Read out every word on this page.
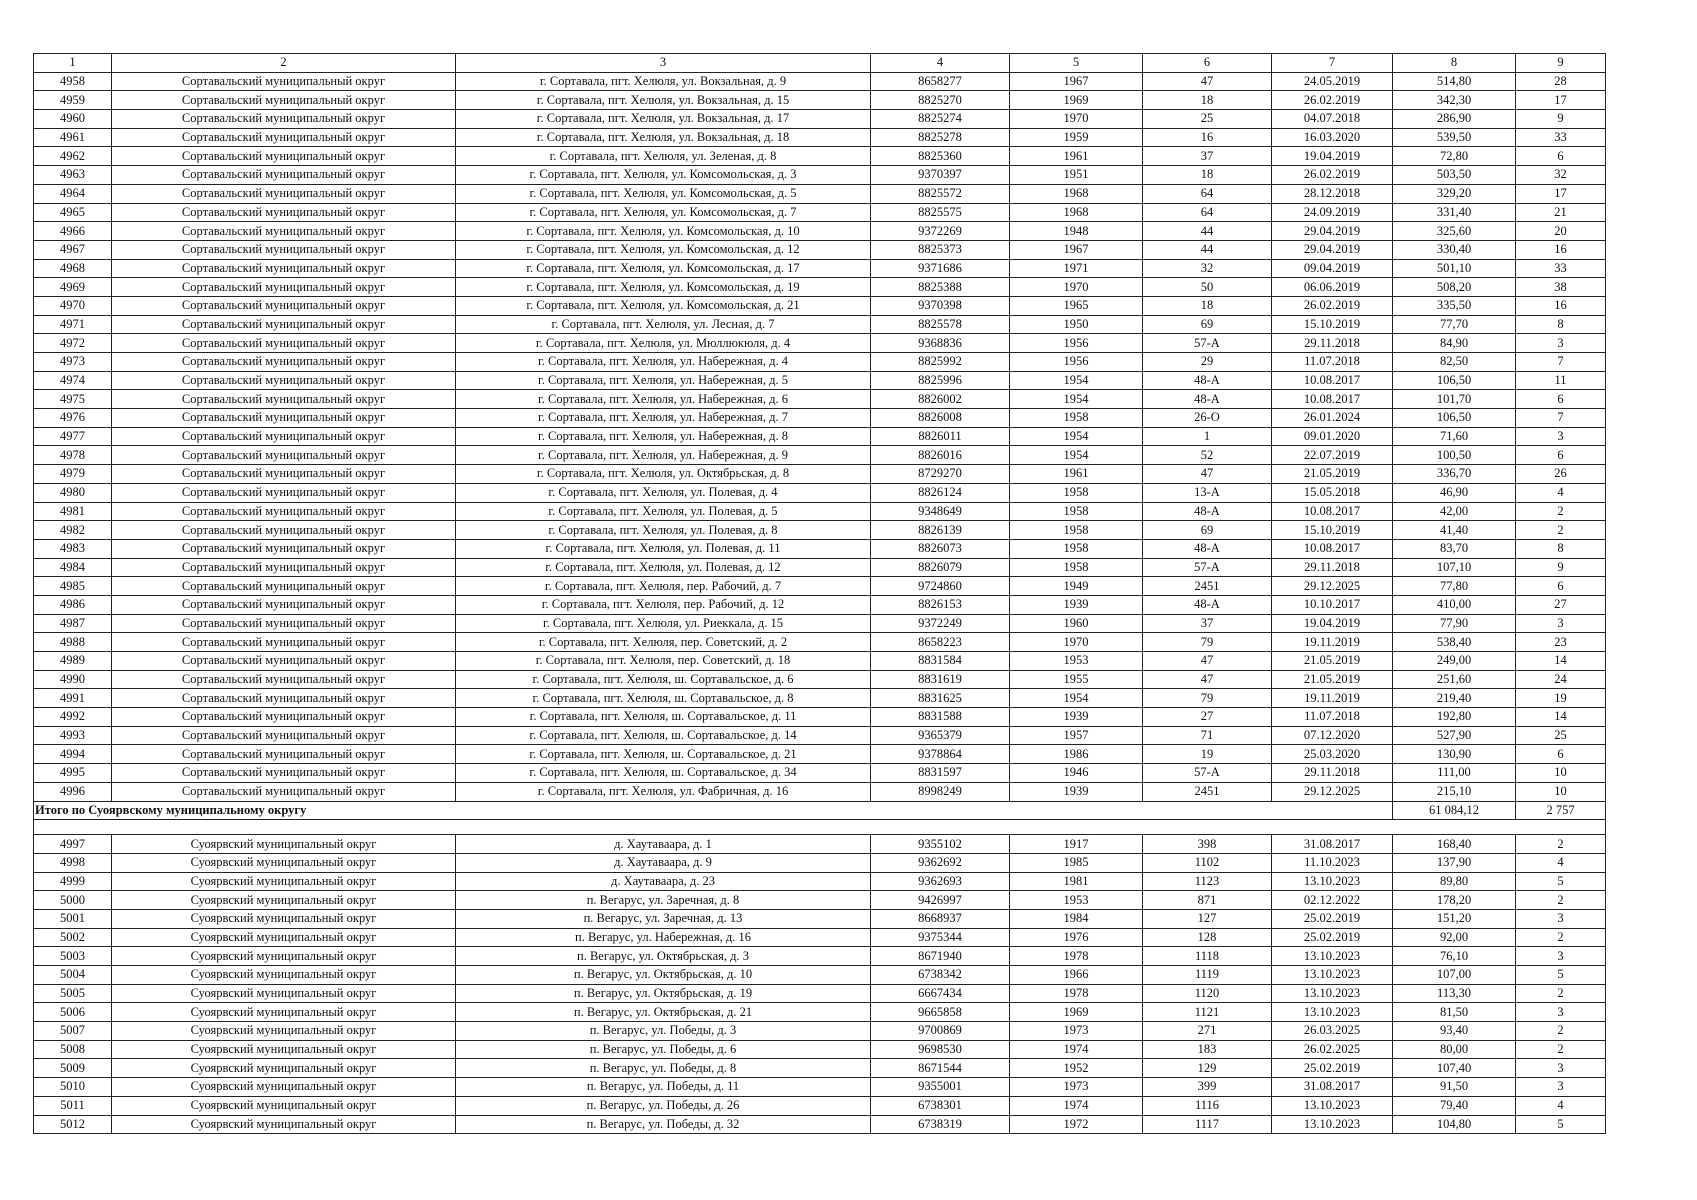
1	2	3	4	5	6	7	8	9
4958	Сортавальский муниципальный округ	г. Сортавала, пгт. Хелюля, ул. Вокзальная, д. 9	8658277	1967	47	24.05.2019	514,80	28
4959	Сортавальский муниципальный округ	г. Сортавала, пгт. Хелюля, ул. Вокзальная, д. 15	8825270	1969	18	26.02.2019	342,30	17
4960	Сортавальский муниципальный округ	г. Сортавала, пгт. Хелюля, ул. Вокзальная, д. 17	8825274	1970	25	04.07.2018	286,90	9
4961	Сортавальский муниципальный округ	г. Сортавала, пгт. Хелюля, ул. Вокзальная, д. 18	8825278	1959	16	16.03.2020	539,50	33
4962	Сортавальский муниципальный округ	г. Сортавала, пгт. Хелюля, ул. Зеленая, д. 8	8825360	1961	37	19.04.2019	72,80	6
4963	Сортавальский муниципальный округ	г. Сортавала, пгт. Хелюля, ул. Комсомольская, д. 3	9370397	1951	18	26.02.2019	503,50	32
4964	Сортавальский муниципальный округ	г. Сортавала, пгт. Хелюля, ул. Комсомольская, д. 5	8825572	1968	64	28.12.2018	329,20	17
4965	Сортавальский муниципальный округ	г. Сортавала, пгт. Хелюля, ул. Комсомольская, д. 7	8825575	1968	64	24.09.2019	331,40	21
4966	Сортавальский муниципальный округ	г. Сортавала, пгт. Хелюля, ул. Комсомольская, д. 10	9372269	1948	44	29.04.2019	325,60	20
4967	Сортавальский муниципальный округ	г. Сортавала, пгт. Хелюля, ул. Комсомольская, д. 12	8825373	1967	44	29.04.2019	330,40	16
4968	Сортавальский муниципальный округ	г. Сортавала, пгт. Хелюля, ул. Комсомольская, д. 17	9371686	1971	32	09.04.2019	501,10	33
4969	Сортавальский муниципальный округ	г. Сортавала, пгт. Хелюля, ул. Комсомольская, д. 19	8825388	1970	50	06.06.2019	508,20	38
4970	Сортавальский муниципальный округ	г. Сортавала, пгт. Хелюля, ул. Комсомольская, д. 21	9370398	1965	18	26.02.2019	335,50	16
4971	Сортавальский муниципальный округ	г. Сортавала, пгт. Хелюля, ул. Лесная, д. 7	8825578	1950	69	15.10.2019	77,70	8
4972	Сортавальский муниципальный округ	г. Сортавала, пгт. Хелюля, ул. Мюллюкюля, д. 4	9368836	1956	57-А	29.11.2018	84,90	3
4973	Сортавальский муниципальный округ	г. Сортавала, пгт. Хелюля, ул. Набережная, д. 4	8825992	1956	29	11.07.2018	82,50	7
4974	Сортавальский муниципальный округ	г. Сортавала, пгт. Хелюля, ул. Набережная, д. 5	8825996	1954	48-А	10.08.2017	106,50	11
4975	Сортавальский муниципальный округ	г. Сортавала, пгт. Хелюля, ул. Набережная, д. 6	8826002	1954	48-А	10.08.2017	101,70	6
4976	Сортавальский муниципальный округ	г. Сортавала, пгт. Хелюля, ул. Набережная, д. 7	8826008	1958	26-О	26.01.2024	106,50	7
4977	Сортавальский муниципальный округ	г. Сортавала, пгт. Хелюля, ул. Набережная, д. 8	8826011	1954	1	09.01.2020	71,60	3
4978	Сортавальский муниципальный округ	г. Сортавала, пгт. Хелюля, ул. Набережная, д. 9	8826016	1954	52	22.07.2019	100,50	6
4979	Сортавальский муниципальный округ	г. Сортавала, пгт. Хелюля, ул. Октябрьская, д. 8	8729270	1961	47	21.05.2019	336,70	26
4980	Сортавальский муниципальный округ	г. Сортавала, пгт. Хелюля, ул. Полевая, д. 4	8826124	1958	13-А	15.05.2018	46,90	4
4981	Сортавальский муниципальный округ	г. Сортавала, пгт. Хелюля, ул. Полевая, д. 5	9348649	1958	48-А	10.08.2017	42,00	2
4982	Сортавальский муниципальный округ	г. Сортавала, пгт. Хелюля, ул. Полевая, д. 8	8826139	1958	69	15.10.2019	41,40	2
4983	Сортавальский муниципальный округ	г. Сортавала, пгт. Хелюля, ул. Полевая, д. 11	8826073	1958	48-А	10.08.2017	83,70	8
4984	Сортавальский муниципальный округ	г. Сортавала, пгт. Хелюля, ул. Полевая, д. 12	8826079	1958	57-А	29.11.2018	107,10	9
4985	Сортавальский муниципальный округ	г. Сортавала, пгт. Хелюля, пер. Рабочий, д. 7	9724860	1949	2451	29.12.2025	77,80	6
4986	Сортавальский муниципальный округ	г. Сортавала, пгт. Хелюля, пер. Рабочий, д. 12	8826153	1939	48-А	10.10.2017	410,00	27
4987	Сортавальский муниципальный округ	г. Сортавала, пгт. Хелюля, ул. Риеккала, д. 15	9372249	1960	37	19.04.2019	77,90	3
4988	Сортавальский муниципальный округ	г. Сортавала, пгт. Хелюля, пер. Советский, д. 2	8658223	1970	79	19.11.2019	538,40	23
4989	Сортавальский муниципальный округ	г. Сортавала, пгт. Хелюля, пер. Советский, д. 18	8831584	1953	47	21.05.2019	249,00	14
4990	Сортавальский муниципальный округ	г. Сортавала, пгт. Хелюля, ш. Сортавальское, д. 6	8831619	1955	47	21.05.2019	251,60	24
4991	Сортавальский муниципальный округ	г. Сортавала, пгт. Хелюля, ш. Сортавальское, д. 8	8831625	1954	79	19.11.2019	219,40	19
4992	Сортавальский муниципальный округ	г. Сортавала, пгт. Хелюля, ш. Сортавальское, д. 11	8831588	1939	27	11.07.2018	192,80	14
4993	Сортавальский муниципальный округ	г. Сортавала, пгт. Хелюля, ш. Сортавальское, д. 14	9365379	1957	71	07.12.2020	527,90	25
4994	Сортавальский муниципальный округ	г. Сортавала, пгт. Хелюля, ш. Сортавальское, д. 21	9378864	1986	19	25.03.2020	130,90	6
4995	Сортавальский муниципальный округ	г. Сортавала, пгт. Хелюля, ш. Сортавальское, д. 34	8831597	1946	57-А	29.11.2018	111,00	10
4996	Сортавальский муниципальный округ	г. Сортавала, пгт. Хелюля, ул. Фабричная, д. 16	8998249	1939	2451	29.12.2025	215,10	10
Итого по Суоярвскому муниципальному округу							61 084,12	2 757

4997	Суоярвский муниципальный округ	д. Хаутаваара, д. 1	9355102	1917	398	31.08.2017	168,40	2
4998	Суоярвский муниципальный округ	д. Хаутаваара, д. 9	9362692	1985	1102	11.10.2023	137,90	4
4999	Суоярвский муниципальный округ	д. Хаутаваара, д. 23	9362693	1981	1123	13.10.2023	89,80	5
5000	Суоярвский муниципальный округ	п. Вегарус, ул. Заречная, д. 8	9426997	1953	871	02.12.2022	178,20	2
5001	Суоярвский муниципальный округ	п. Вегарус, ул. Заречная, д. 13	8668937	1984	127	25.02.2019	151,20	3
5002	Суоярвский муниципальный округ	п. Вегарус, ул. Набережная, д. 16	9375344	1976	128	25.02.2019	92,00	2
5003	Суоярвский муниципальный округ	п. Вегарус, ул. Октябрьская, д. 3	8671940	1978	1118	13.10.2023	76,10	3
5004	Суоярвский муниципальный округ	п. Вегарус, ул. Октябрьская, д. 10	6738342	1966	1119	13.10.2023	107,00	5
5005	Суоярвский муниципальный округ	п. Вегарус, ул. Октябрьская, д. 19	6667434	1978	1120	13.10.2023	113,30	2
5006	Суоярвский муниципальный округ	п. Вегарус, ул. Октябрьская, д. 21	9665858	1969	1121	13.10.2023	81,50	3
5007	Суоярвский муниципальный округ	п. Вегарус, ул. Победы, д. 3	9700869	1973	271	26.03.2025	93,40	2
5008	Суоярвский муниципальный округ	п. Вегарус, ул. Победы, д. 6	9698530	1974	183	26.02.2025	80,00	2
5009	Суоярвский муниципальный округ	п. Вегарус, ул. Победы, д. 8	8671544	1952	129	25.02.2019	107,40	3
5010	Суоярвский муниципальный округ	п. Вегарус, ул. Победы, д. 11	9355001	1973	399	31.08.2017	91,50	3
5011	Суоярвский муниципальный округ	п. Вегарус, ул. Победы, д. 26	6738301	1974	1116	13.10.2023	79,40	4
5012	Суоярвский муниципальный округ	п. Вегарус, ул. Победы, д. 32	6738319	1972	1117	13.10.2023	104,80	5
